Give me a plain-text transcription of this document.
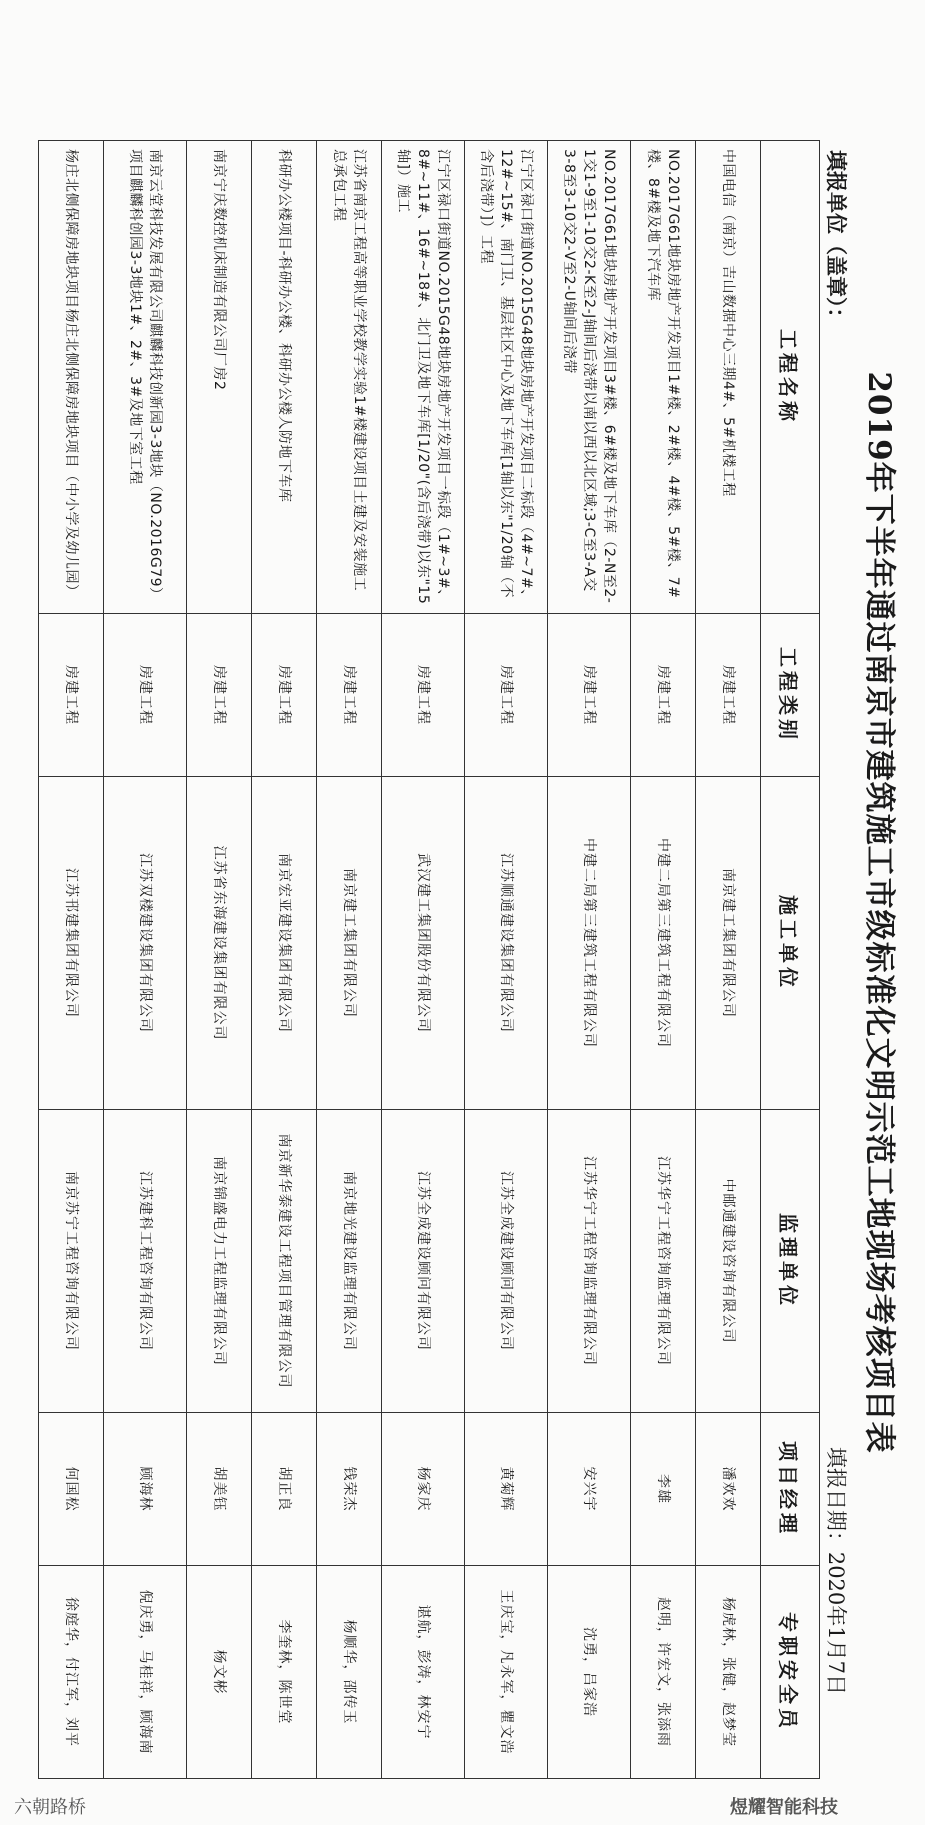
2019年下半年通过南京市建筑施工市级标准化文明示范工地现场考核项目表
填报单位（盖章）：
填报日期：2020年1月7日
工程名称	工程类别	施工单位	监理单位	项目经理	专职安全员
中国电信（南京）吉山数据中心三期4#、5#机楼工程	房建工程	南京建工集团有限公司	中邮通建设咨询有限公司	潘欢欢	杨虎林，张健，赵梦莹
NO.2017G61地块房地产开发项目1#楼、2#楼、4#楼、5#楼、7#楼、8#楼及地下汽车库	房建工程	中建二局第三建筑工程有限公司	江苏华宁工程咨询监理有限公司	李雄	赵明，许宏文，张添雨
NO.2017G61地块房地产开发项目3#楼、6#楼及地下车库（2-N至2-1交1-9至1-10交2-K至2-J轴间后浇带以南以西以北区域;3-C至3-A交3-8至3-10交2-V至2-U轴间后浇带	房建工程	中建二局第三建筑工程有限公司	江苏华宁工程咨询监理有限公司	安兴宇	沈勇，吕家浩
江宁区禄口街道NO.2015G48地块房地产开发项目二标段（4#~7#、12#~15#、南门卫、基层社区中心及地下车库[1轴以东"1/20轴（不含后浇带）]）工程	房建工程	江苏顺通建设集团有限公司	江苏全成建设顾问有限公司	黄菊辉	王庆宝，凡永军，瞿文浩
江宁区禄口街道NO.2015G48地块房地产开发项目一标段（1#~3#、8#~11#、16#~18#、北门卫及地下车库[1/20"(含后浇带)以东"15轴]）施工	房建工程	武汉建工集团股份有限公司	江苏全成建设顾问有限公司	杨家庆	谌航，彭涛，林安宁
江苏省南京工程高等职业学校教学实验1#楼建设项目土建及安装施工总承包工程	房建工程	南京建工集团有限公司	南京地光建设监理有限公司	钱荣杰	杨顺华，邵传玉
科研办公楼项目-科研办公楼、科研办公楼人防地下车库	房建工程	南京宏亚建设集团有限公司	南京新华泰建设工程项目管理有限公司	胡正良	李奎林，陈世堂
南京宁庆数控机床制造有限公司厂房2	房建工程	江苏省东海建设集团有限公司	南京锦盛电力工程监理有限公司	胡美钰	杨文彬
南京云堂科技发展有限公司麒麟科技创新园3-3地块（NO.2016G79）项目麒麟科创园3-3地块1#、2#、3#及地下室工程	房建工程	江苏双楼建设集团有限公司	江苏建科工程咨询有限公司	顾海林	倪庆勇，马桂祥，顾海南
杨庄北侧保障房地块项目杨庄北侧保障房地块项目（中小学及幼儿园）	房建工程	江苏邗建集团有限公司	南京苏宁工程咨询有限公司	何国松	徐庭华，付江军，刘平
六朝路桥	煜耀智能科技
